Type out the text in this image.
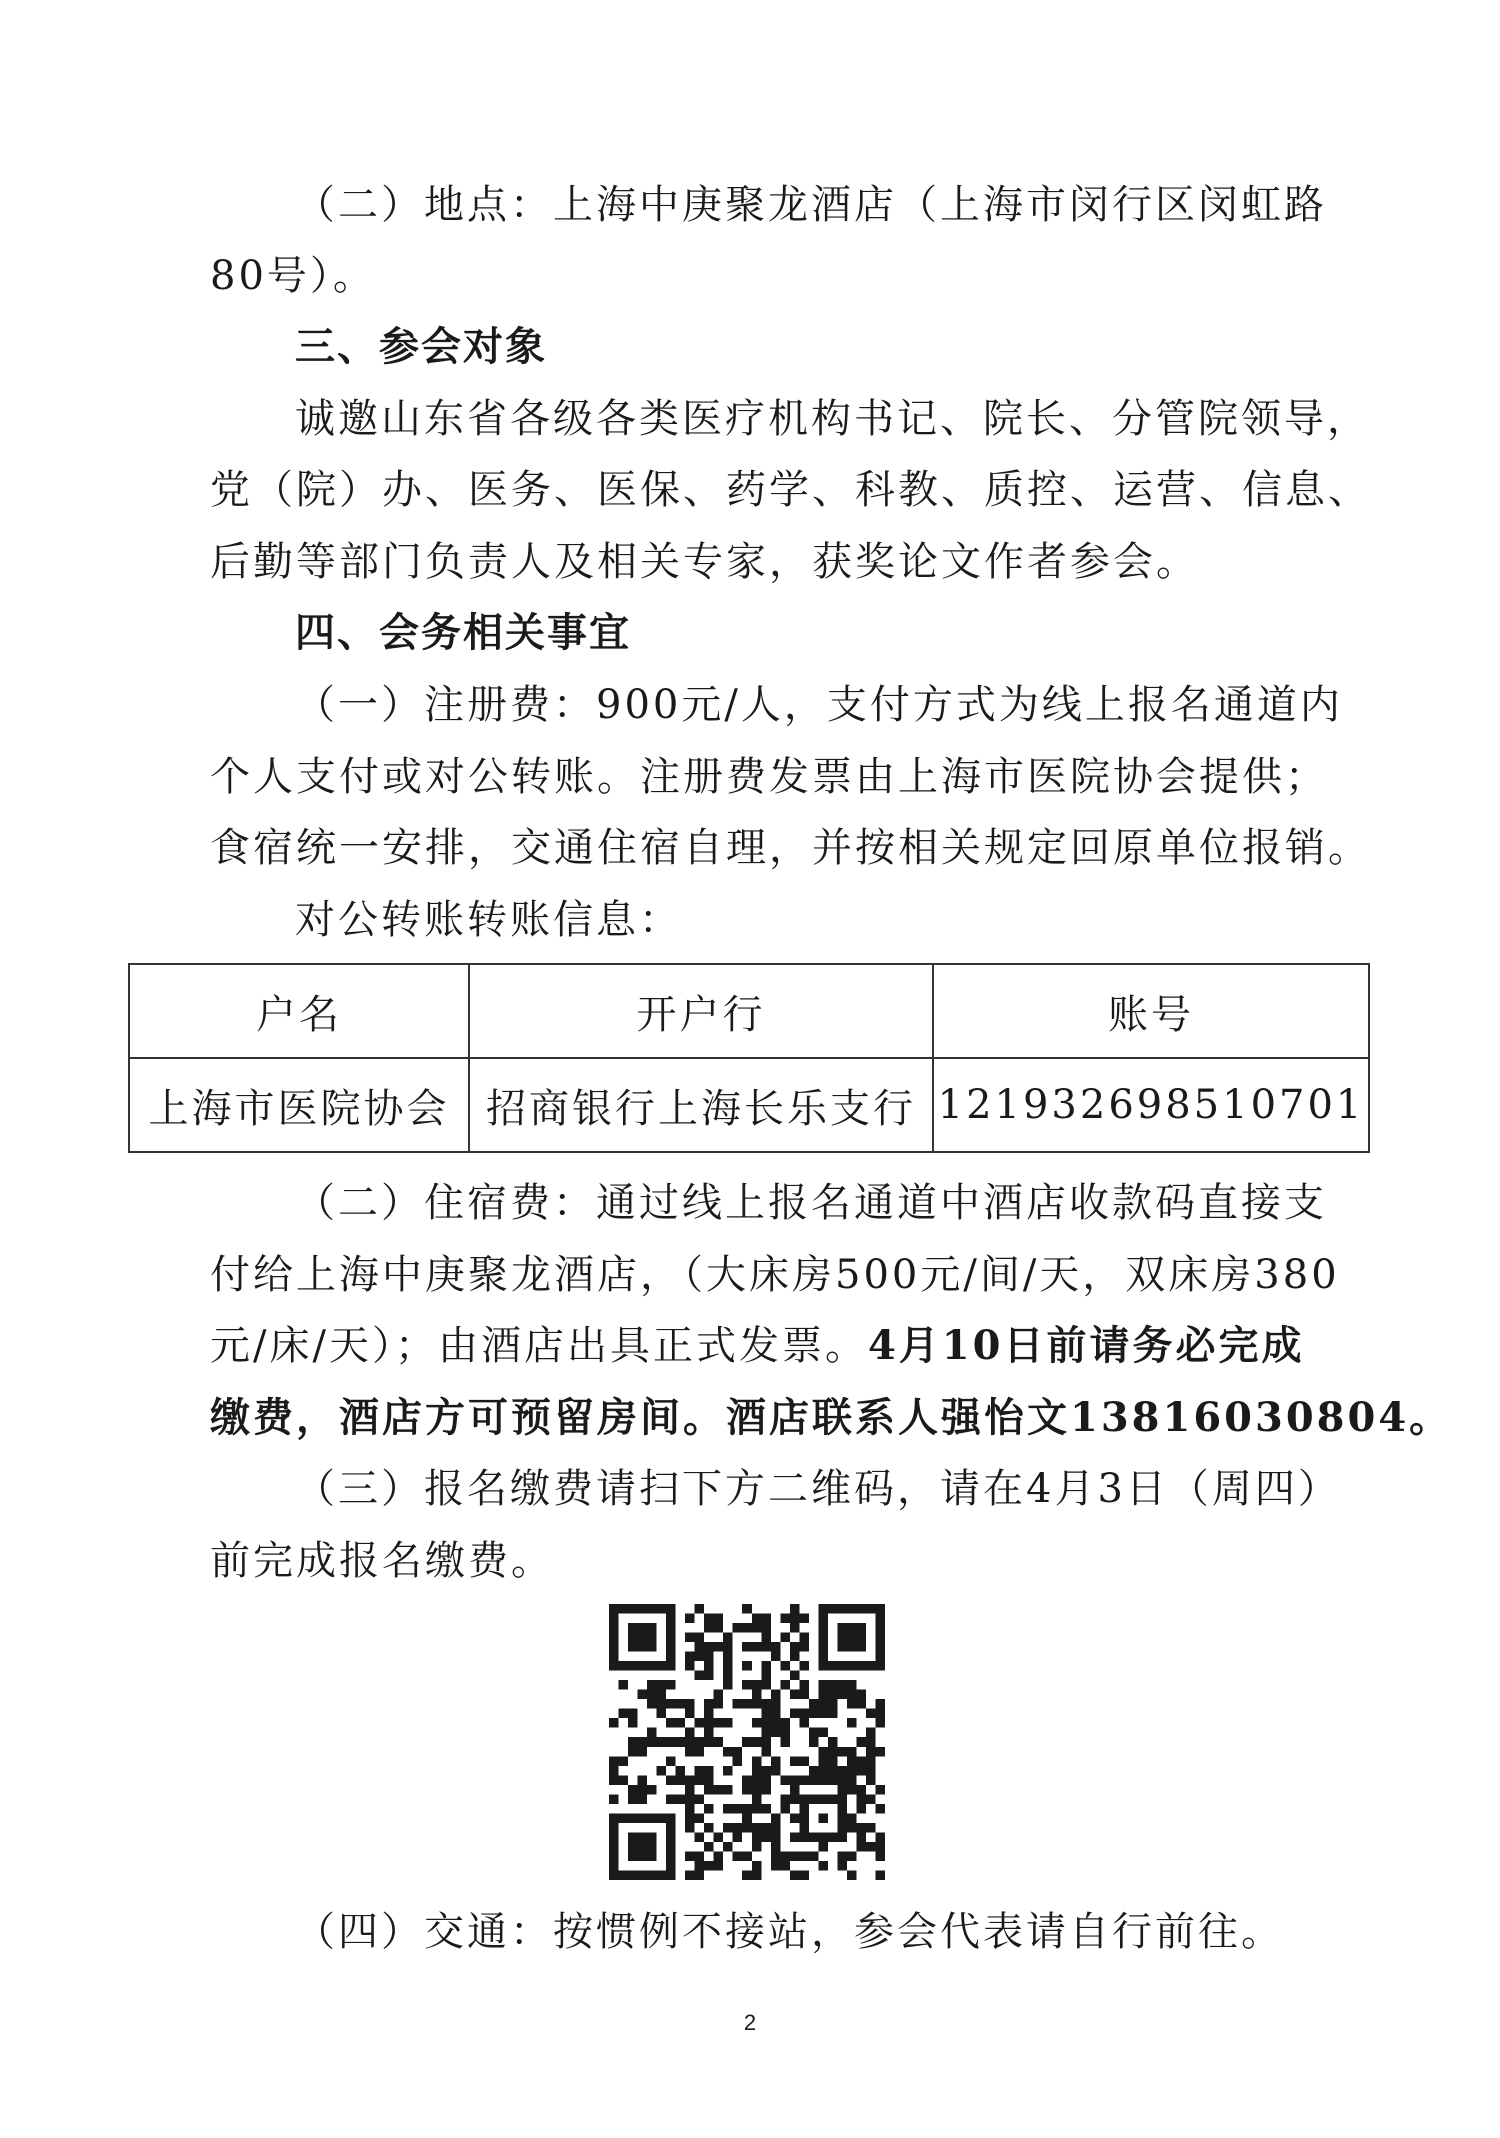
（二）地点：上海中庚聚龙酒店（上海市闵行区闵虹路
80号）。
三、参会对象
诚邀山东省各级各类医疗机构书记、院长、分管院领导，
党（院）办、医务、医保、药学、科教、质控、运营、信息、
后勤等部门负责人及相关专家，获奖论文作者参会。
四、会务相关事宜
（一）注册费：900元/人，支付方式为线上报名通道内
个人支付或对公转账。注册费发票由上海市医院协会提供；
食宿统一安排，交通住宿自理，并按相关规定回原单位报销。
对公转账转账信息：
户名	开户行	账号
上海市医院协会	招商银行上海长乐支行	121932698510701
（二）住宿费：通过线上报名通道中酒店收款码直接支
付给上海中庚聚龙酒店，（大床房500元/间/天，双床房380
元/床/天）；由酒店出具正式发票。4月10日前请务必完成
缴费，酒店方可预留房间。酒店联系人强怡文13816030804。
（三）报名缴费请扫下方二维码，请在4月3日（周四）
前完成报名缴费。
（四）交通：按惯例不接站，参会代表请自行前往。
2
